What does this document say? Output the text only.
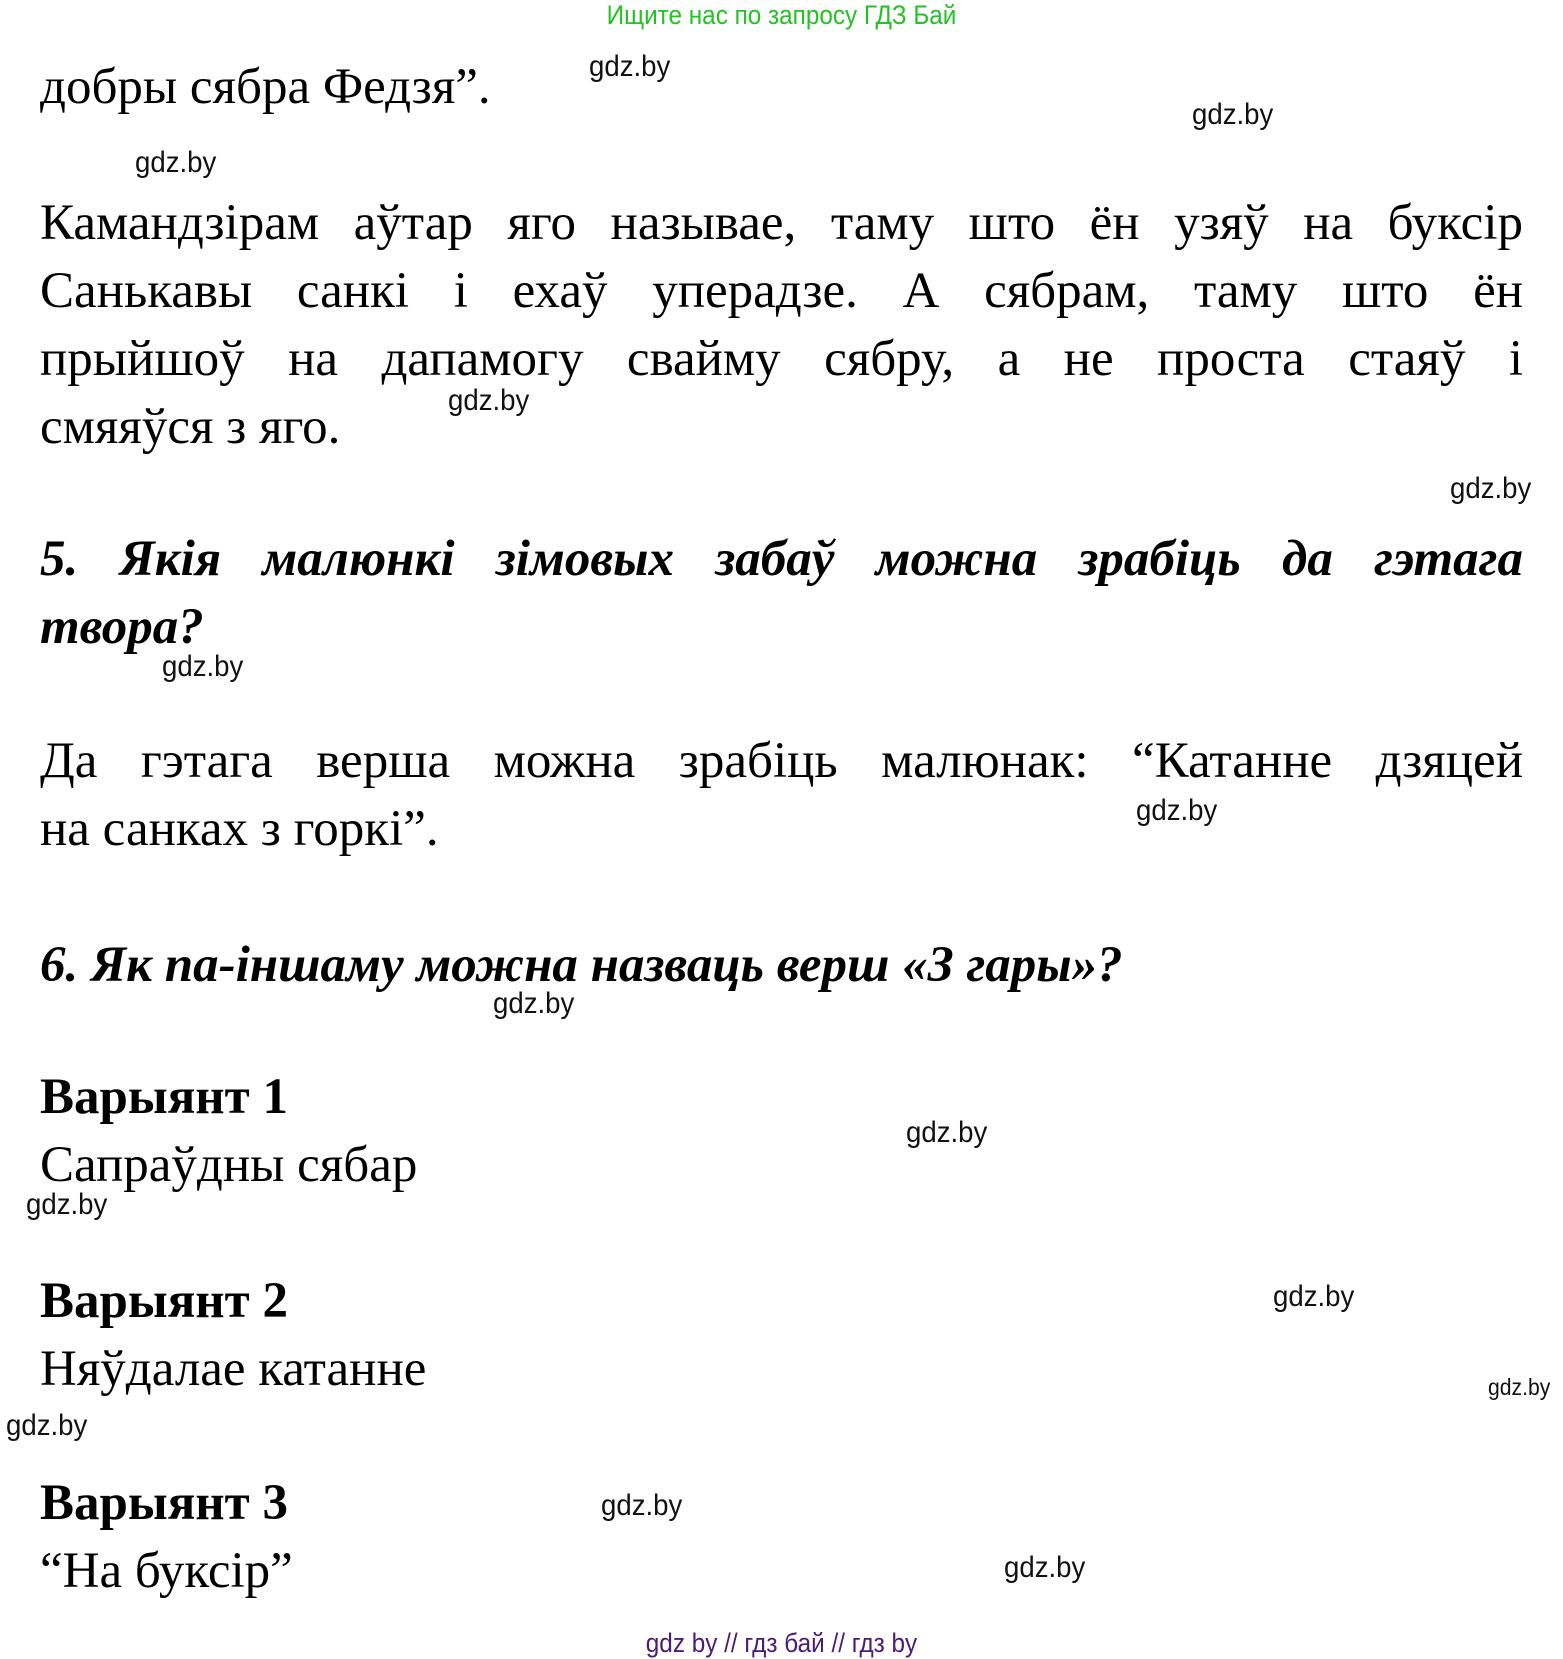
Ищите нас по запросу ГДЗ Бай
добры сябра Федзя”.
Камандзірам аўтар яго называе, таму што ён узяў на буксір
Санькавы санкі і ехаў уперадзе. А сябрам, таму што ён
прыйшоў на дапамогу свайму сябру, а не проста стаяў і
смяяўся з яго.
5. Якія малюнкі зімовых забаў можна зрабіць да гэтага
твора?
Да гэтага верша можна зрабіць малюнак: “Катанне дзяцей
на санках з горкі”.
6. Як па-іншаму можна назваць верш «З гары»?
Варыянт 1
Сапраўдны сябар
Варыянт 2
Няўдалае катанне
Варыянт 3
“На буксір”
gdz.by
gdz.by
gdz.by
gdz.by
gdz.by
gdz.by
gdz.by
gdz.by
gdz.by
gdz.by
gdz.by
gdz.by
gdz.by
gdz.by
gdz.by
gdz by // гдз бай // гдз by
